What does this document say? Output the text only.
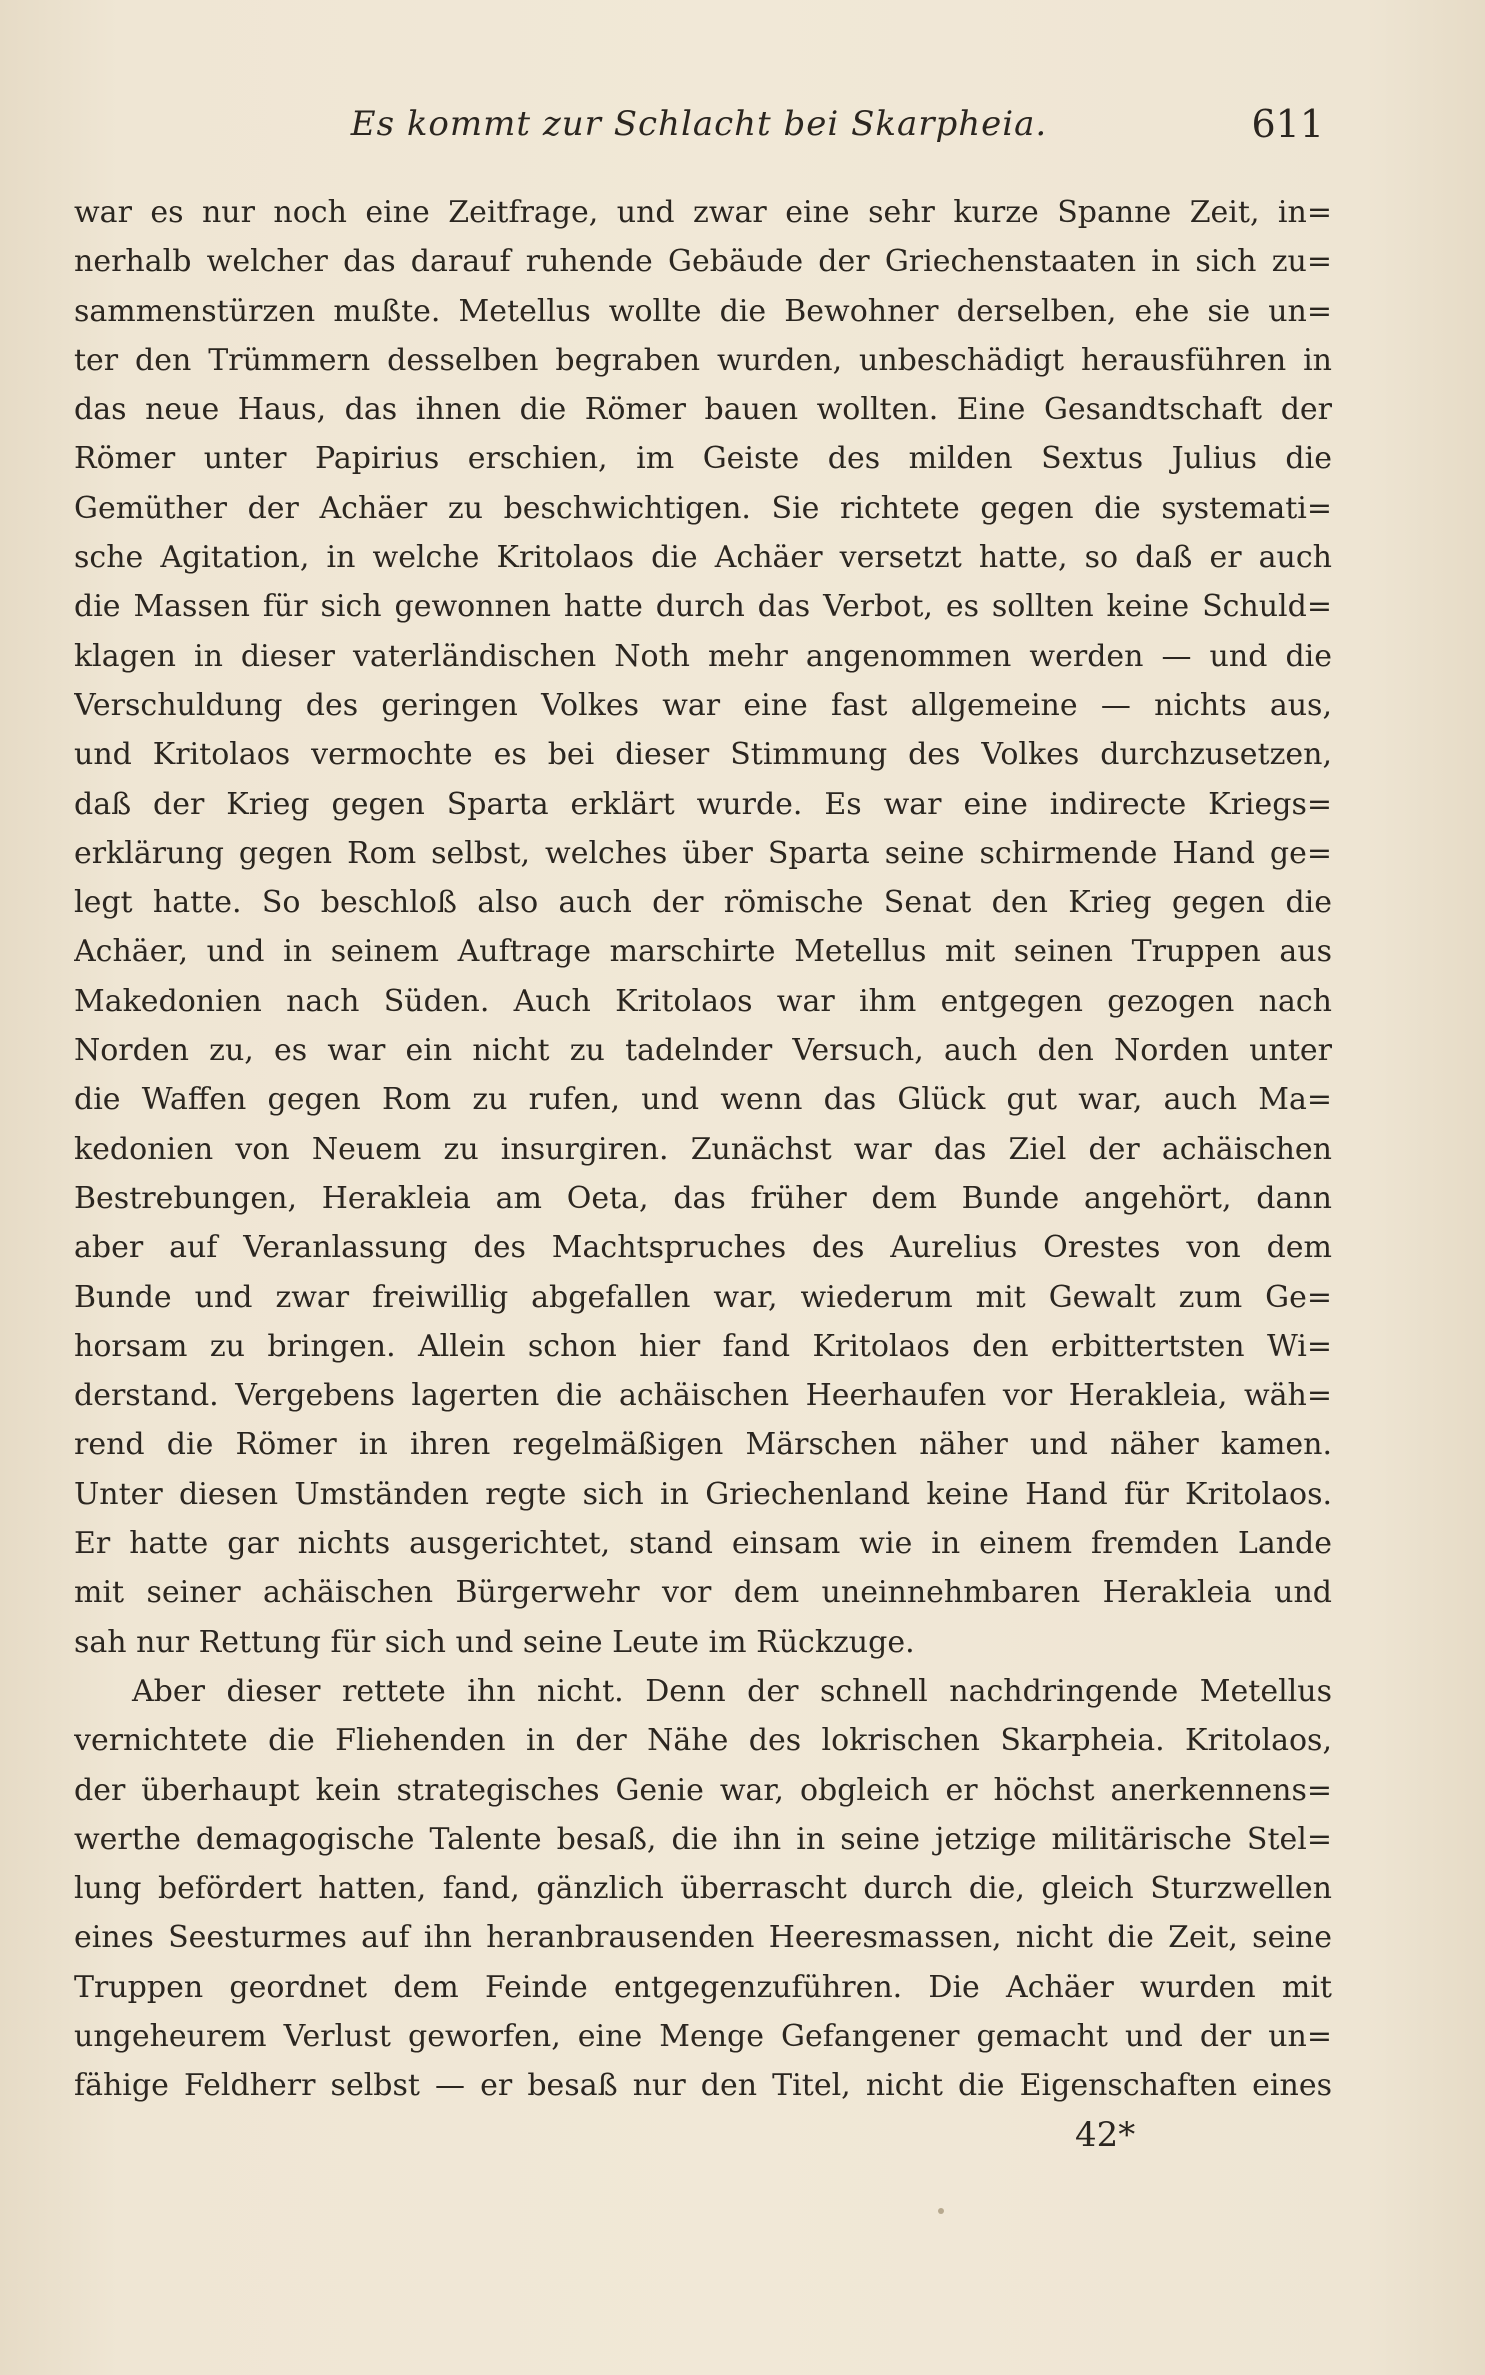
Es kommt zur Schlacht bei Skarpheia.	611
war es nur noch eine Zeitfrage, und zwar eine sehr kurze Spanne Zeit, in=
nerhalb welcher das darauf ruhende Gebäude der Griechenstaaten in sich zu=
sammenstürzen mußte. Metellus wollte die Bewohner derselben, ehe sie un=
ter den Trümmern desselben begraben wurden, unbeschädigt herausführen in
das neue Haus, das ihnen die Römer bauen wollten. Eine Gesandtschaft der
Römer unter Papirius erschien, im Geiste des milden Sextus Julius die
Gemüther der Achäer zu beschwichtigen. Sie richtete gegen die systemati=
sche Agitation, in welche Kritolaos die Achäer versetzt hatte, so daß er auch
die Massen für sich gewonnen hatte durch das Verbot, es sollten keine Schuld=
klagen in dieser vaterländischen Noth mehr angenommen werden — und die
Verschuldung des geringen Volkes war eine fast allgemeine — nichts aus,
und Kritolaos vermochte es bei dieser Stimmung des Volkes durchzusetzen,
daß der Krieg gegen Sparta erklärt wurde. Es war eine indirecte Kriegs=
erklärung gegen Rom selbst, welches über Sparta seine schirmende Hand ge=
legt hatte. So beschloß also auch der römische Senat den Krieg gegen die
Achäer, und in seinem Auftrage marschirte Metellus mit seinen Truppen aus
Makedonien nach Süden. Auch Kritolaos war ihm entgegen gezogen nach
Norden zu, es war ein nicht zu tadelnder Versuch, auch den Norden unter
die Waffen gegen Rom zu rufen, und wenn das Glück gut war, auch Ma=
kedonien von Neuem zu insurgiren. Zunächst war das Ziel der achäischen
Bestrebungen, Herakleia am Oeta, das früher dem Bunde angehört, dann
aber auf Veranlassung des Machtspruches des Aurelius Orestes von dem
Bunde und zwar freiwillig abgefallen war, wiederum mit Gewalt zum Ge=
horsam zu bringen. Allein schon hier fand Kritolaos den erbittertsten Wi=
derstand. Vergebens lagerten die achäischen Heerhaufen vor Herakleia, wäh=
rend die Römer in ihren regelmäßigen Märschen näher und näher kamen.
Unter diesen Umständen regte sich in Griechenland keine Hand für Kritolaos.
Er hatte gar nichts ausgerichtet, stand einsam wie in einem fremden Lande
mit seiner achäischen Bürgerwehr vor dem uneinnehmbaren Herakleia und
sah nur Rettung für sich und seine Leute im Rückzuge.
Aber dieser rettete ihn nicht. Denn der schnell nachdringende Metellus
vernichtete die Fliehenden in der Nähe des lokrischen Skarpheia. Kritolaos,
der überhaupt kein strategisches Genie war, obgleich er höchst anerkennens=
werthe demagogische Talente besaß, die ihn in seine jetzige militärische Stel=
lung befördert hatten, fand, gänzlich überrascht durch die, gleich Sturzwellen
eines Seesturmes auf ihn heranbrausenden Heeresmassen, nicht die Zeit, seine
Truppen geordnet dem Feinde entgegenzuführen. Die Achäer wurden mit
ungeheurem Verlust geworfen, eine Menge Gefangener gemacht und der un=
fähige Feldherr selbst — er besaß nur den Titel, nicht die Eigenschaften eines
42*
